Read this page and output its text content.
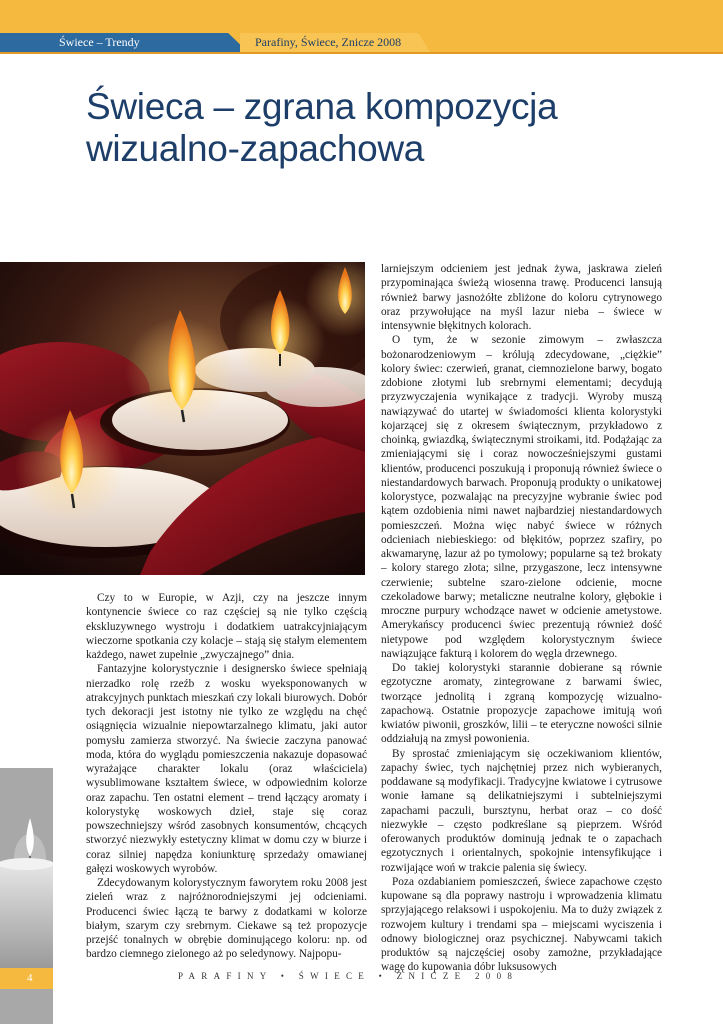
Świece – Trendy	Parafiny, Świece, Znicze 2008
Świeca – zgrana kompozycja
wizualno-zapachowa

Czy to w Europie, w Azji, czy na jeszcze innym kontynencie świece co raz częściej są nie tylko częścią ekskluzywnego wystroju i dodatkiem uatrakcyjniającym wieczorne spotkania czy kolacje – stają się stałym elementem każdego, nawet zupełnie „zwyczajnego” dnia.

Fantazyjne kolorystycznie i designersko świece spełniają nierzadko rolę rzeźb z wosku wyeksponowanych w atrakcyjnych punktach mieszkań czy lokali biurowych. Dobór tych dekoracji jest istotny nie tylko ze względu na chęć osiągnięcia wizualnie niepowtarzalnego klimatu, jaki autor pomysłu zamierza stworzyć. Na świecie zaczyna panować moda, która do wyglądu pomieszczenia nakazuje dopasować wyrażające charakter lokalu (oraz właściciela) wysublimowane kształtem świece, w odpowiednim kolorze oraz zapachu. Ten ostatni element – trend łączący aromaty i kolorystykę woskowych dzieł, staje się coraz powszechniejszy wśród zasobnych konsumentów, chcących stworzyć niezwykły estetyczny klimat w domu czy w biurze i coraz silniej napędza koniunkturę sprzedaży omawianej gałęzi woskowych wyrobów.

Zdecydowanym kolorystycznym faworytem roku 2008 jest zieleń wraz z najróżnorodniejszymi jej odcieniami. Producenci świec łączą te barwy z dodatkami w kolorze białym, szarym czy srebrnym. Ciekawe są też propozycje przejść tonalnych w obrębie dominującego koloru: np. od bardzo ciemnego zielonego aż po seledynowy. Najpopu-

larniejszym odcieniem jest jednak żywa, jaskrawa zieleń przypominająca świeżą wiosenna trawę. Producenci lansują również barwy jasnożółte zbliżone do koloru cytrynowego oraz przywołujące na myśl lazur nieba – świece w intensywnie błękitnych kolorach.

O tym, że w sezonie zimowym – zwłaszcza bożonarodzeniowym – królują zdecydowane, „ciężkie” kolory świec: czerwień, granat, ciemnozielone barwy, bogato zdobione złotymi lub srebrnymi elementami; decydują przyzwyczajenia wynikające z tradycji. Wyroby muszą nawiązywać do utartej w świadomości klienta kolorystyki kojarzącej się z okresem świątecznym, przykładowo z choinką, gwiazdką, świątecznymi stroikami, itd. Podążając za zmieniającymi się i coraz nowocześniejszymi gustami klientów, producenci poszukują i proponują również świece o niestandardowych barwach. Proponują produkty o unikatowej kolorystyce, pozwalając na precyzyjne wybranie świec pod kątem ozdobienia nimi nawet najbardziej niestandardowych pomieszczeń. Można więc nabyć świece w różnych odcieniach niebieskiego: od błękitów, poprzez szafiry, po akwamarynę, lazur aż po tymolowy; popularne są też brokaty – kolory starego złota; silne, przygaszone, lecz intensywne czerwienie; subtelne szaro-zielone odcienie, mocne czekoladowe barwy; metaliczne neutralne kolory, głębokie i mroczne purpury wchodzące nawet w odcienie ametystowe. Amerykańscy producenci świec prezentują również dość nietypowe pod względem kolorystycznym świece nawiązujące fakturą i kolorem do węgla drzewnego.

Do takiej kolorystyki starannie dobierane są równie egzotyczne aromaty, zintegrowane z barwami świec, tworzące jednolitą i zgraną kompozycję wizualno-zapachową. Ostatnie propozycje zapachowe imitują woń kwiatów piwonii, groszków, lilii – te eteryczne nowości silnie oddziałują na zmysł powonienia.

By sprostać zmieniającym się oczekiwaniom klientów, zapachy świec, tych najchętniej przez nich wybieranych, poddawane są modyfikacji. Tradycyjne kwiatowe i cytrusowe wonie łamane są delikatniejszymi i subtelniejszymi zapachami paczuli, bursztynu, herbat oraz – co dość niezwykłe – często podkreślane są pieprzem. Wśród oferowanych produktów dominują jednak te o zapachach egzotycznych i orientalnych, spokojnie intensyfikujące i rozwijające woń w trakcie palenia się świecy.

Poza ozdabianiem pomieszczeń, świece zapachowe często kupowane są dla poprawy nastroju i wprowadzenia klimatu sprzyjającego relaksowi i uspokojeniu. Ma to duży związek z rozwojem kultury i trendami spa – miejscami wyciszenia i odnowy biologicznej oraz psychicznej. Nabywcami takich produktów są najczęściej osoby zamożne, przykładające wagę do kupowania dóbr luksusowych

4	PARAFINY • ŚWIECE • ZNICZE 2008
